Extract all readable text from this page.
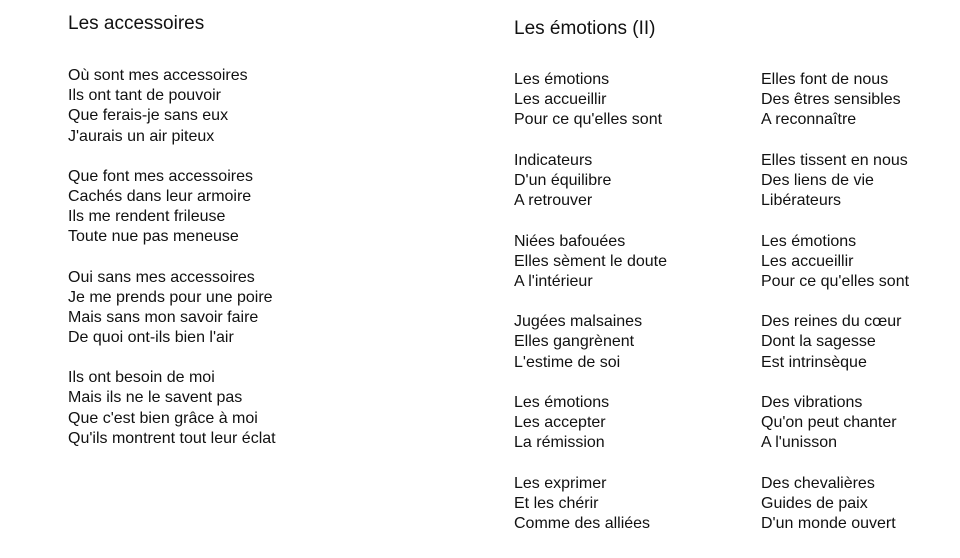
Les accessoires
Où sont mes accessoires
Ils ont tant de pouvoir
Que ferais-je sans eux
J'aurais un air piteux
Que font mes accessoires
Cachés dans leur armoire
Ils me rendent frileuse
Toute nue pas meneuse
Oui sans mes accessoires
Je me prends pour une poire
Mais sans mon savoir faire
De quoi ont-ils bien l'air
Ils ont besoin de moi
Mais ils ne le savent pas
Que c'est bien grâce à moi
Qu'ils montrent tout leur éclat
Les émotions (II)
Les émotions
Les accueillir
Pour ce qu'elles sont
Indicateurs
D'un équilibre
A retrouver
Niées bafouées
Elles sèment le doute
A l'intérieur
Jugées malsaines
Elles gangrènent
L'estime de soi
Les émotions
Les accepter
La rémission
Les exprimer
Et les chérir
Comme des alliées
Elles font de nous
Des êtres sensibles
A reconnaître
Elles tissent en nous
Des liens de vie
Libérateurs
Les émotions
Les accueillir
Pour ce qu'elles sont
Des reines du cœur
Dont la sagesse
Est intrinsèque
Des vibrations
Qu'on peut chanter
A l'unisson
Des chevalières
Guides de paix
D'un monde ouvert
